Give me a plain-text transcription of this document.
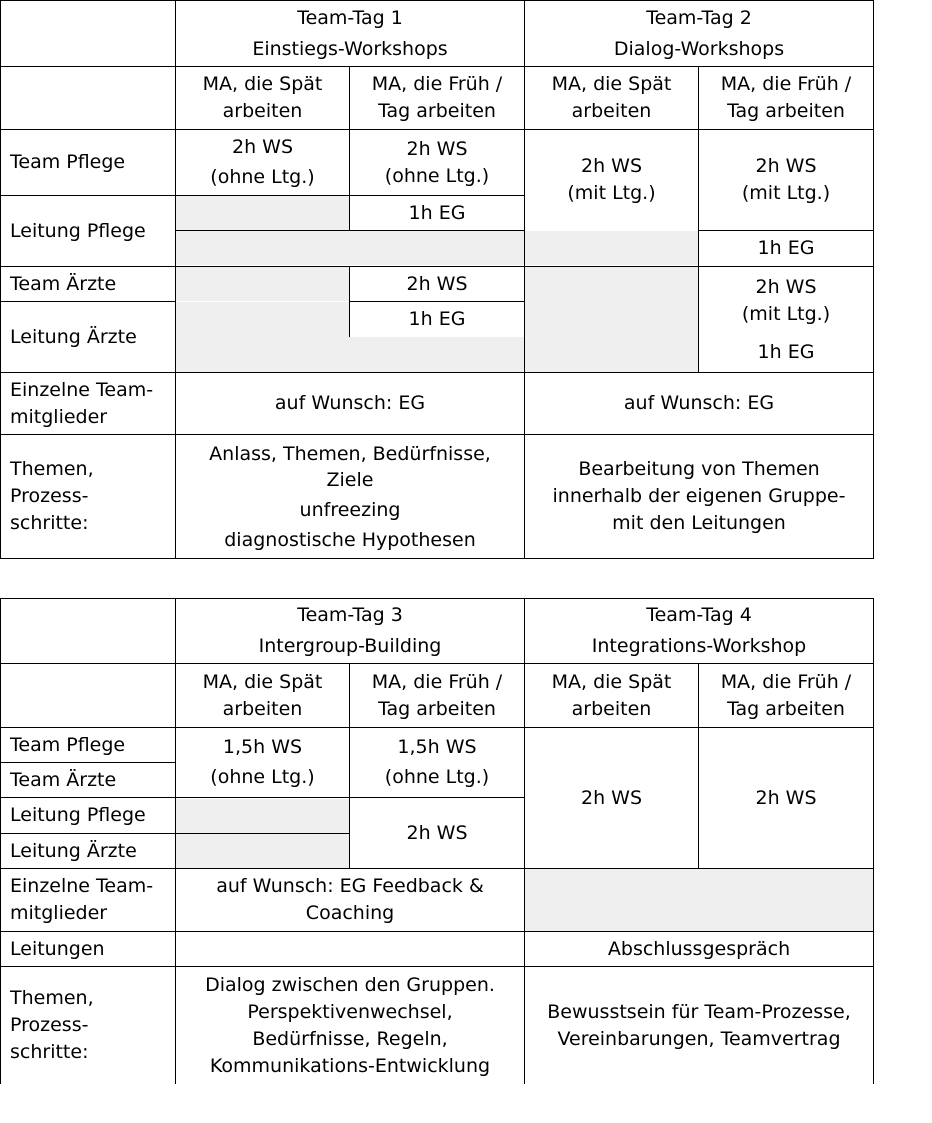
Team-Tag 1
Einstiegs-Workshops
Team-Tag 2
Dialog-Workshops
MA, die Spät
arbeiten
MA, die Früh /
Tag arbeiten
MA, die Spät
arbeiten
MA, die Früh /
Tag arbeiten
Team Pflege
Leitung Pflege
Team Ärzte
Leitung Ärzte
Einzelne Team-
mitglieder
Themen,
Prozess-
schritte:
2h WS
(ohne Ltg.)
2h WS
(ohne Ltg.)
1h EG
2h WS
(mit Ltg.)
2h WS
(mit Ltg.)
1h EG
2h WS
1h EG
2h WS
(mit Ltg.)
1h EG
auf Wunsch: EG	auf Wunsch: EG
Anlass, Themen, Bedürfnisse,
Ziele
unfreezing
diagnostische Hypothesen
Bearbeitung von Themen
innerhalb der eigenen Gruppe-
mit den Leitungen
Team-Tag 3
Intergroup-Building
Team-Tag 4
Integrations-Workshop
MA, die Spät
arbeiten
MA, die Früh /
Tag arbeiten
MA, die Spät
arbeiten
MA, die Früh /
Tag arbeiten
Team Pflege
Team Ärzte
Leitung Pflege
Leitung Ärzte
Einzelne Team-
mitglieder
Leitungen
Themen,
Prozess-
schritte:
1,5h WS
(ohne Ltg.)
1,5h WS
(ohne Ltg.)
2h WS
2h WS	2h WS
auf Wunsch: EG Feedback &
Coaching
Abschlussgespräch
Dialog zwischen den Gruppen.
Perspektivenwechsel,
Bedürfnisse, Regeln,
Kommunikations-Entwicklung
Bewusstsein für Team-Prozesse,
Vereinbarungen, Teamvertrag
